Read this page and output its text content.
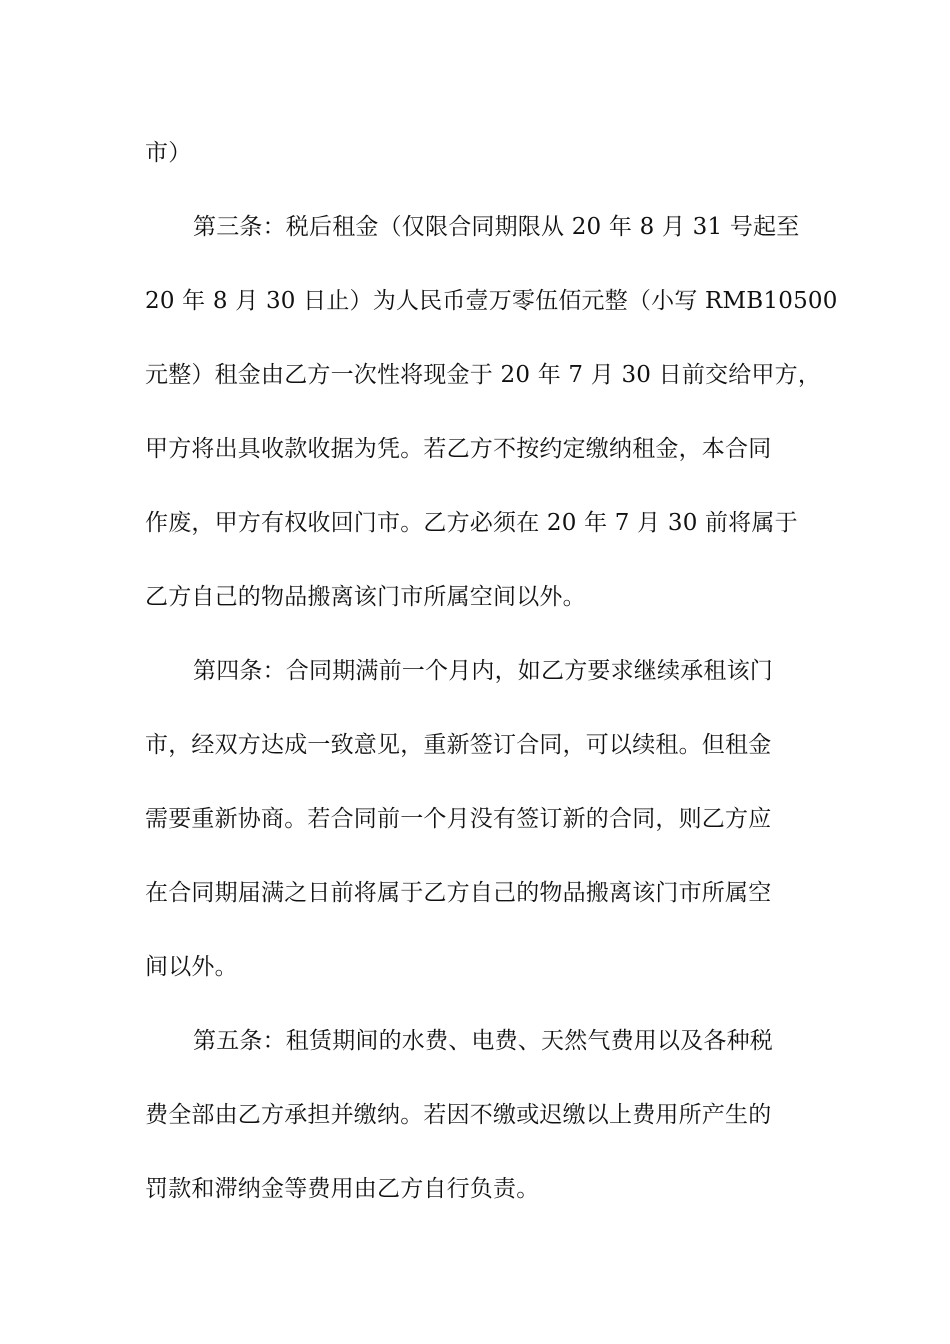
市）
第三条：税后租金（仅限合同期限从 20 年 8 月 31 号起至
20 年 8 月 30 日止）为人民币壹万零伍佰元整（小写 RMB10500
元整）租金由乙方一次性将现金于 20 年 7 月 30 日前交给甲方，
甲方将出具收款收据为凭。若乙方不按约定缴纳租金，本合同
作废，甲方有权收回门市。乙方必须在 20 年 7 月 30 前将属于
乙方自己的物品搬离该门市所属空间以外。
第四条：合同期满前一个月内，如乙方要求继续承租该门
市，经双方达成一致意见，重新签订合同，可以续租。但租金
需要重新协商。若合同前一个月没有签订新的合同，则乙方应
在合同期届满之日前将属于乙方自己的物品搬离该门市所属空
间以外。
第五条：租赁期间的水费、电费、天然气费用以及各种税
费全部由乙方承担并缴纳。若因不缴或迟缴以上费用所产生的
罚款和滞纳金等费用由乙方自行负责。
